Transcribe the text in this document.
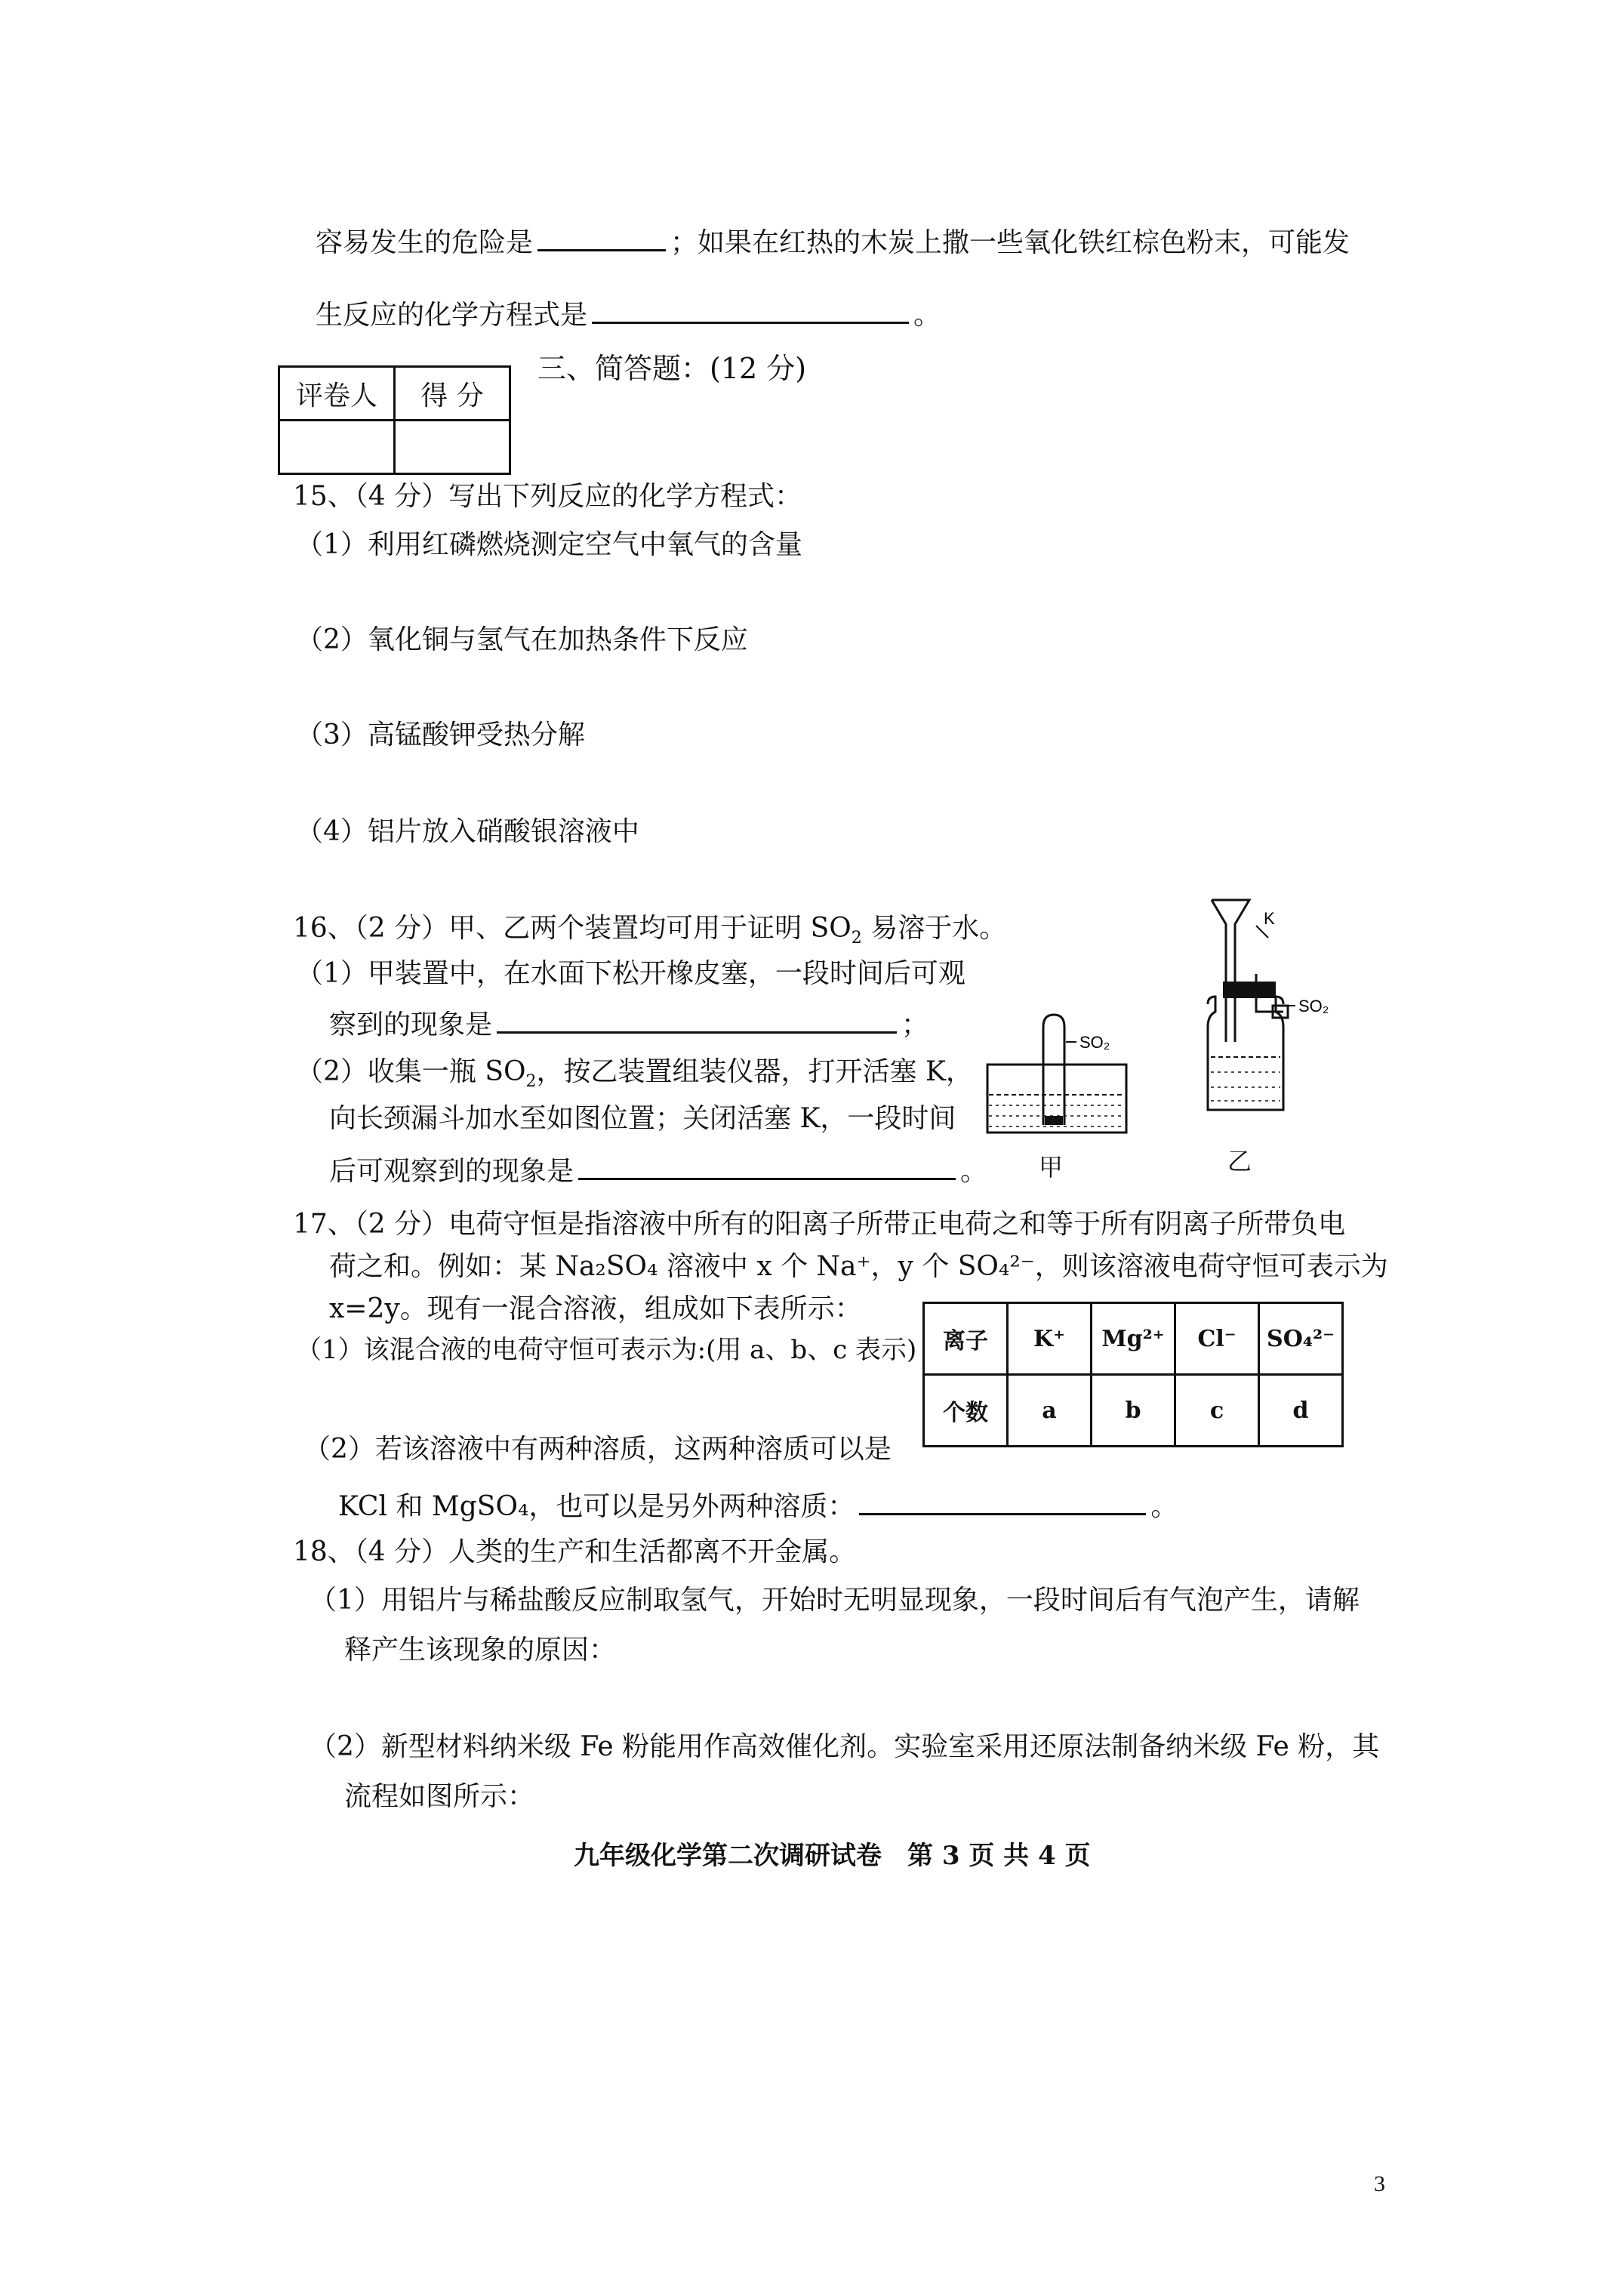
容易发生的危险是	；如果在红热的木炭上撒一些氧化铁红棕色粉末，可能发
生反应的化学方程式是	。
评卷人	得 分

三、简答题：(12 分)
15、（4 分）写出下列反应的化学方程式：
（1）利用红磷燃烧测定空气中氧气的含量
（2）氧化铜与氢气在加热条件下反应
（3）高锰酸钾受热分解
（4）铝片放入硝酸银溶液中
16、（2 分）甲、乙两个装置均可用于证明 $SO_2$ 易溶于水。
（1）甲装置中，在水面下松开橡皮塞，一段时间后可观
察到的现象是	；
（2）收集一瓶 $SO_2$，按乙装置组装仪器，打开活塞 K，
向长颈漏斗加水至如图位置；关闭活塞 K，一段时间
后可观察到的现象是	。
SO₂
甲
K
SO₂
乙
17、（2 分）电荷守恒是指溶液中所有的阳离子所带正电荷之和等于所有阴离子所带负电
荷之和。例如：某 Na₂SO₄ 溶液中 x 个 Na⁺，y 个 SO₄²⁻，则该溶液电荷守恒可表示为
x=2y。现有一混合溶液，组成如下表所示：
（1）该混合液的电荷守恒可表示为:(用 a、b、c 表示) 离子	K⁺	Mg²⁺	Cl⁻	SO₄²⁻
个数	a	b	c	d
（2）若该溶液中有两种溶质，这两种溶质可以是
KCl 和 MgSO₄，也可以是另外两种溶质：	。
18、（4 分）人类的生产和生活都离不开金属。
（1）用铝片与稀盐酸反应制取氢气，开始时无明显现象，一段时间后有气泡产生，请解
释产生该现象的原因：
（2）新型材料纳米级 Fe 粉能用作高效催化剂。实验室采用还原法制备纳米级 Fe 粉，其
流程如图所示：
九年级化学第二次调研试卷　第 3 页 共 4 页
3
